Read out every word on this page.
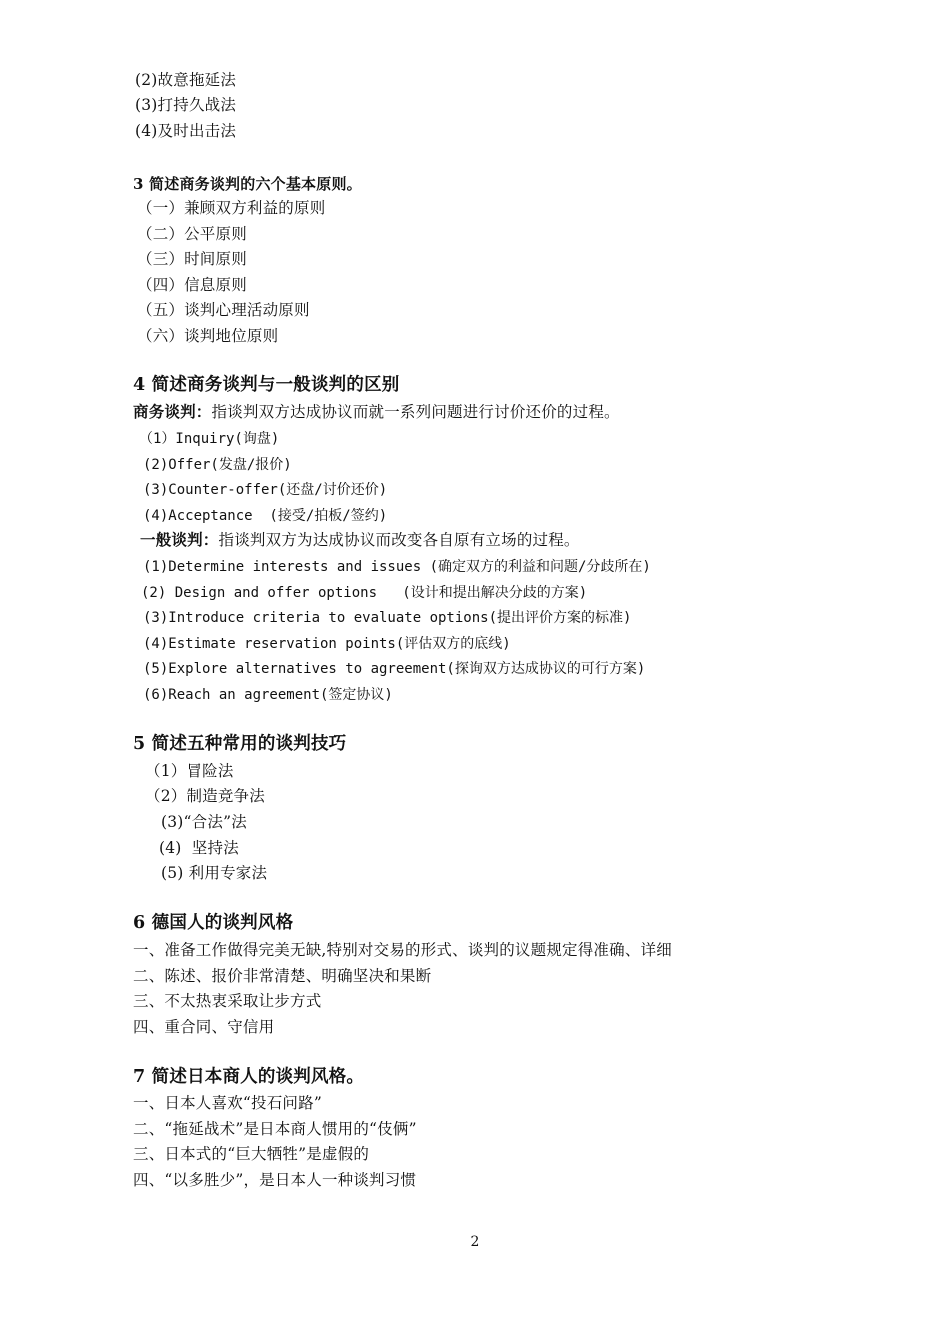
(2)故意拖延法
(3)打持久战法
(4)及时出击法
3 简述商务谈判的六个基本原则。
（一）兼顾双方利益的原则
（二）公平原则
（三）时间原则
（四）信息原则
（五）谈判心理活动原则
（六）谈判地位原则
4 简述商务谈判与一般谈判的区别
商务谈判：指谈判双方达成协议而就一系列问题进行讨价还价的过程。
（1）Inquiry(询盘)
(2)Offer(发盘/报价)
(3)Counter-offer(还盘/讨价还价)
(4)Acceptance  (接受/拍板/签约)
一般谈判：指谈判双方为达成协议而改变各自原有立场的过程。
(1)Determine interests and issues (确定双方的利益和问题/分歧所在)
(2) Design and offer options   (设计和提出解决分歧的方案)
(3)Introduce criteria to evaluate options(提出评价方案的标准)
(4)Estimate reservation points(评估双方的底线)
(5)Explore alternatives to agreement(探询双方达成协议的可行方案)
(6)Reach an agreement(签定协议)
5 简述五种常用的谈判技巧
（1）冒险法
（2）制造竞争法
(3)“合法”法
(4)  坚持法
(5) 利用专家法
6 德国人的谈判风格
一、准备工作做得完美无缺,特别对交易的形式、谈判的议题规定得准确、详细
二、陈述、报价非常清楚、明确坚决和果断
三、不太热衷采取让步方式
四、重合同、守信用
7 简述日本商人的谈判风格。
一、日本人喜欢“投石问路”
二、“拖延战术”是日本商人惯用的“伎俩”
三、日本式的“巨大牺牲”是虚假的
四、“以多胜少”，是日本人一种谈判习惯
2
